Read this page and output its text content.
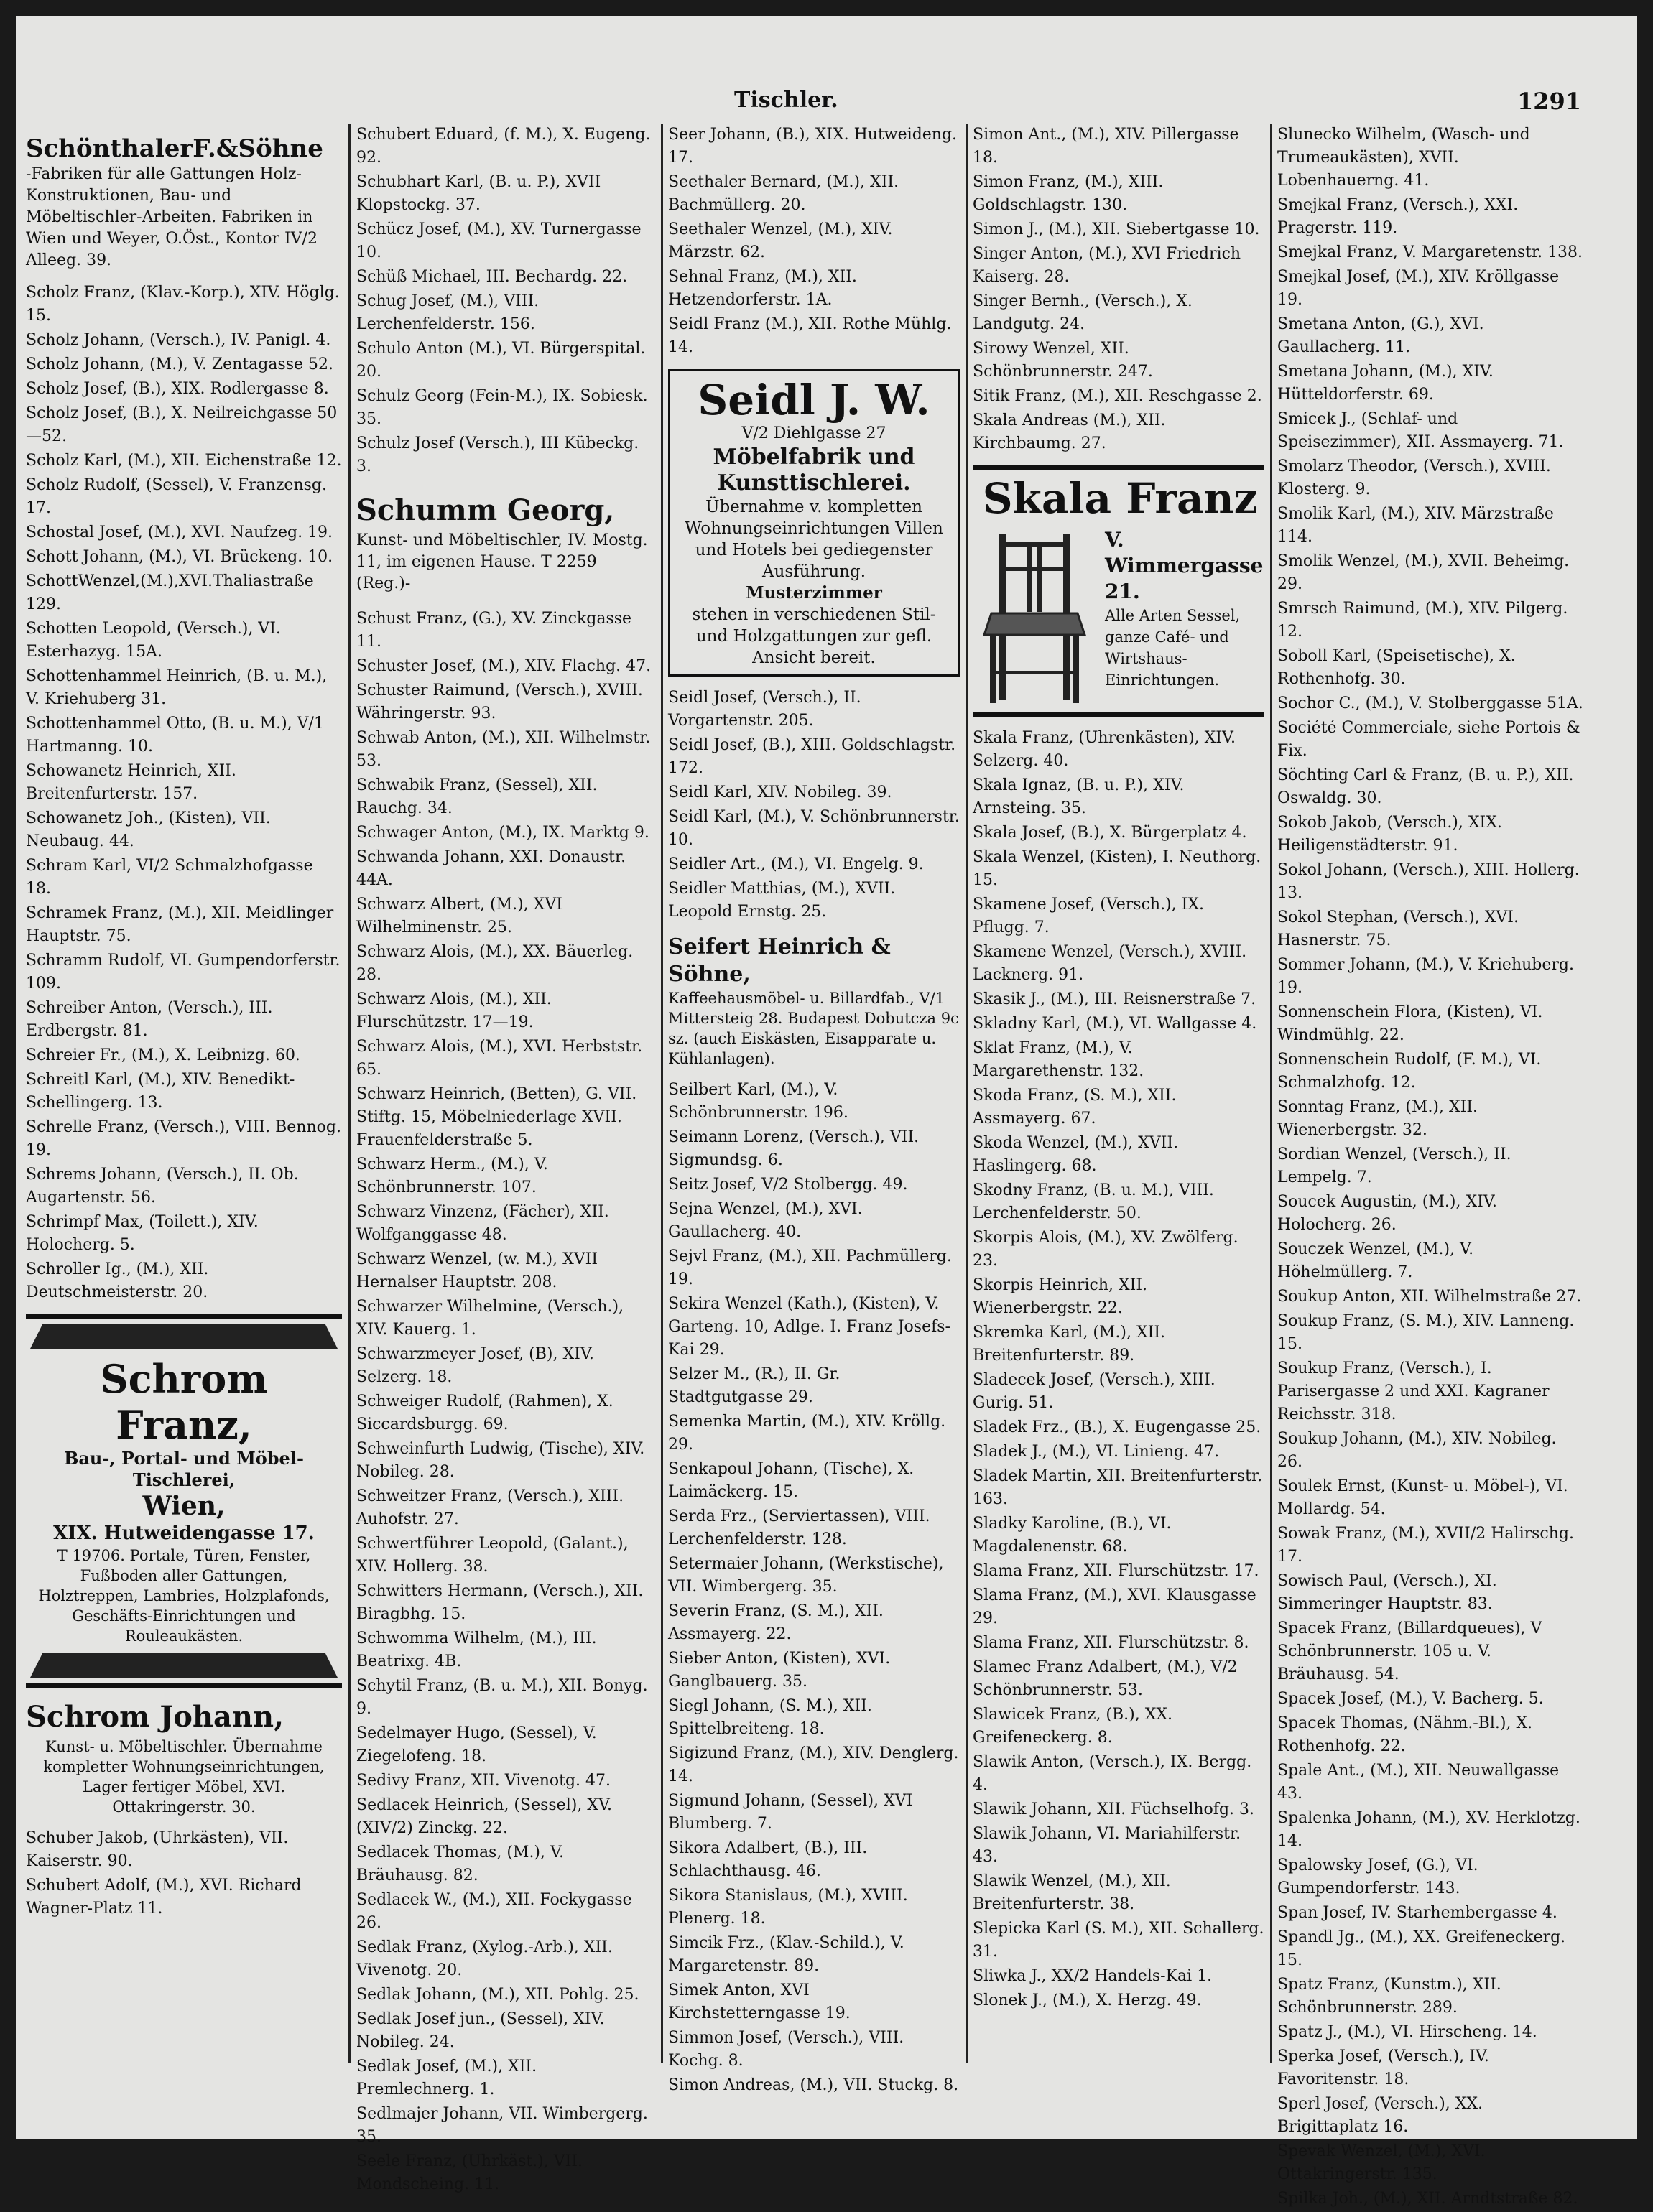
Tischler.	1291
SchönthalerF.&Söhne
-Fabriken für alle Gattungen Holz-Konstruktionen, Bau- und Möbeltischler-Arbeiten. Fabriken in Wien und Weyer, O.Öst., Kontor IV/2 Alleeg. 39.
Scholz Franz, (Klav.-Korp.), XIV. Höglg. 15.
Scholz Johann, (Versch.), IV. Panigl. 4.
Scholz Johann, (M.), V. Zentagasse 52.
Scholz Josef, (B.), XIX. Rodlergasse 8.
Scholz Josef, (B.), X. Neilreichgasse 50—52.
Scholz Karl, (M.), XII. Eichenstraße 12.
Scholz Rudolf, (Sessel), V. Franzensg. 17.
Schostal Josef, (M.), XVI. Naufzeg. 19.
Schott Johann, (M.), VI. Brückeng. 10.
SchottWenzel,(M.),XVI.Thaliastraße 129.
Schotten Leopold, (Versch.), VI. Esterhazyg. 15A.
Schottenhammel Heinrich, (B. u. M.), V. Kriehuberg 31.
Schottenhammel Otto, (B. u. M.), V/1 Hartmanng. 10.
Schowanetz Heinrich, XII. Breitenfurterstr. 157.
Schowanetz Joh., (Kisten), VII. Neubaug. 44.
Schram Karl, VI/2 Schmalzhofgasse 18.
Schramek Franz, (M.), XII. Meidlinger Hauptstr. 75.
Schramm Rudolf, VI. Gumpendorferstr. 109.
Schreiber Anton, (Versch.), III. Erdbergstr. 81.
Schreier Fr., (M.), X. Leibnizg. 60.
Schreitl Karl, (M.), XIV. Benedikt-Schellingerg. 13.
Schrelle Franz, (Versch.), VIII. Bennog. 19.
Schrems Johann, (Versch.), II. Ob. Augartenstr. 56.
Schrimpf Max, (Toilett.), XIV. Holocherg. 5.
Schroller Ig., (M.), XII. Deutschmeisterstr. 20.
Schrom Franz,
Bau-, Portal- und Möbel-Tischlerei,
Wien,
XIX. Hutweidengasse 17.
T 19706. Portale, Türen, Fenster, Fußboden aller Gattungen, Holztreppen, Lambries, Holzplafonds, Geschäfts-Einrichtungen und Rouleaukästen.
Schrom Johann,
Kunst- u. Möbeltischler. Übernahme kompletter Wohnungseinrichtungen, Lager fertiger Möbel, XVI. Ottakringerstr. 30.
Schuber Jakob, (Uhrkästen), VII. Kaiserstr. 90.
Schubert Adolf, (M.), XVI. Richard Wagner-Platz 11.
Schubert Eduard, (f. M.), X. Eugeng. 92.
Schubhart Karl, (B. u. P.), XVII Klopstockg. 37.
Schücz Josef, (M.), XV. Turnergasse 10.
Schüß Michael, III. Bechardg. 22.
Schug Josef, (M.), VIII. Lerchenfelderstr. 156.
Schulo Anton (M.), VI. Bürgerspital. 20.
Schulz Georg (Fein-M.), IX. Sobiesk. 35.
Schulz Josef (Versch.), III Kübeckg. 3.
Schumm Georg,
Kunst- und Möbeltischler, IV. Mostg. 11, im eigenen Hause. T 2259 (Reg.)-
Schust Franz, (G.), XV. Zinckgasse 11.
Schuster Josef, (M.), XIV. Flachg. 47.
Schuster Raimund, (Versch.), XVIII. Währingerstr. 93.
Schwab Anton, (M.), XII. Wilhelmstr. 53.
Schwabik Franz, (Sessel), XII. Rauchg. 34.
Schwager Anton, (M.), IX. Marktg 9.
Schwanda Johann, XXI. Donaustr. 44A.
Schwarz Albert, (M.), XVI Wilhelminenstr. 25.
Schwarz Alois, (M.), XX. Bäuerleg. 28.
Schwarz Alois, (M.), XII. Flurschützstr. 17—19.
Schwarz Alois, (M.), XVI. Herbststr. 65.
Schwarz Heinrich, (Betten), G. VII. Stiftg. 15, Möbelniederlage XVII. Frauenfelderstraße 5.
Schwarz Herm., (M.), V. Schönbrunnerstr. 107.
Schwarz Vinzenz, (Fächer), XII. Wolfganggasse 48.
Schwarz Wenzel, (w. M.), XVII Hernalser Hauptstr. 208.
Schwarzer Wilhelmine, (Versch.), XIV. Kauerg. 1.
Schwarzmeyer Josef, (B), XIV. Selzerg. 18.
Schweiger Rudolf, (Rahmen), X. Siccardsburgg. 69.
Schweinfurth Ludwig, (Tische), XIV. Nobileg. 28.
Schweitzer Franz, (Versch.), XIII. Auhofstr. 27.
Schwertführer Leopold, (Galant.), XIV. Hollerg. 38.
Schwitters Hermann, (Versch.), XII. Biragbhg. 15.
Schwomma Wilhelm, (M.), III. Beatrixg. 4B.
Schytil Franz, (B. u. M.), XII. Bonyg. 9.
Sedelmayer Hugo, (Sessel), V. Ziegelofeng. 18.
Sedivy Franz, XII. Vivenotg. 47.
Sedlacek Heinrich, (Sessel), XV. (XIV/2) Zinckg. 22.
Sedlacek Thomas, (M.), V. Bräuhausg. 82.
Sedlacek W., (M.), XII. Fockygasse 26.
Sedlak Franz, (Xylog.-Arb.), XII. Vivenotg. 20.
Sedlak Johann, (M.), XII. Pohlg. 25.
Sedlak Josef jun., (Sessel), XIV. Nobileg. 24.
Sedlak Josef, (M.), XII. Premlechnerg. 1.
Sedlmajer Johann, VII. Wimbergerg. 35.
Seele Franz, (Uhrkäst.), VII. Mondscheing. 11.
Seer Johann, (B.), XIX. Hutweideng. 17.
Seethaler Bernard, (M.), XII. Bachmüllerg. 20.
Seethaler Wenzel, (M.), XIV. Märzstr. 62.
Sehnal Franz, (M.), XII. Hetzendorferstr. 1A.
Seidl Franz (M.), XII. Rothe Mühlg. 14.
Seidl J. W.
V/2 Diehlgasse 27
Möbelfabrik und Kunsttischlerei.
Übernahme v. kompletten Wohnungseinrichtungen Villen und Hotels bei gediegenster Ausführung.
Musterzimmer
stehen in verschiedenen Stil- und Holzgattungen zur gefl. Ansicht bereit.
Seidl Josef, (Versch.), II. Vorgartenstr. 205.
Seidl Josef, (B.), XIII. Goldschlagstr. 172.
Seidl Karl, XIV. Nobileg. 39.
Seidl Karl, (M.), V. Schönbrunnerstr. 10.
Seidler Art., (M.), VI. Engelg. 9.
Seidler Matthias, (M.), XVII. Leopold Ernstg. 25.
Seifert Heinrich & Söhne,
Kaffeehausmöbel- u. Billardfab., V/1 Mittersteig 28. Budapest Dobutcza 9c sz. (auch Eiskästen, Eisapparate u. Kühlanlagen).
Seilbert Karl, (M.), V. Schönbrunnerstr. 196.
Seimann Lorenz, (Versch.), VII. Sigmundsg. 6.
Seitz Josef, V/2 Stolbergg. 49.
Sejna Wenzel, (M.), XVI. Gaullacherg. 40.
Sejvl Franz, (M.), XII. Pachmüllerg. 19.
Sekira Wenzel (Kath.), (Kisten), V. Garteng. 10, Adlge. I. Franz Josefs-Kai 29.
Selzer M., (R.), II. Gr. Stadtgutgasse 29.
Semenka Martin, (M.), XIV. Kröllg. 29.
Senkapoul Johann, (Tische), X. Laimäckerg. 15.
Serda Frz., (Serviertassen), VIII. Lerchenfelderstr. 128.
Setermaier Johann, (Werkstische), VII. Wimbergerg. 35.
Severin Franz, (S. M.), XII. Assmayerg. 22.
Sieber Anton, (Kisten), XVI. Ganglbauerg. 35.
Siegl Johann, (S. M.), XII. Spittelbreiteng. 18.
Sigizund Franz, (M.), XIV. Denglerg. 14.
Sigmund Johann, (Sessel), XVI Blumberg. 7.
Sikora Adalbert, (B.), III. Schlachthausg. 46.
Sikora Stanislaus, (M.), XVIII. Plenerg. 18.
Simcik Frz., (Klav.-Schild.), V. Margaretenstr. 89.
Simek Anton, XVI Kirchstetterngasse 19.
Simmon Josef, (Versch.), VIII. Kochg. 8.
Simon Andreas, (M.), VII. Stuckg. 8.
Simon Ant., (M.), XIV. Pillergasse 18.
Simon Franz, (M.), XIII. Goldschlagstr. 130.
Simon J., (M.), XII. Siebertgasse 10.
Singer Anton, (M.), XVI Friedrich Kaiserg. 28.
Singer Bernh., (Versch.), X. Landgutg. 24.
Sirowy Wenzel, XII. Schönbrunnerstr. 247.
Sitik Franz, (M.), XII. Reschgasse 2.
Skala Andreas (M.), XII. Kirchbaumg. 27.
Skala Franz
V. Wimmergasse 21.
Alle Arten Sessel, ganze Café- und Wirtshaus-Einrichtungen.
Skala Franz, (Uhrenkästen), XIV. Selzerg. 40.
Skala Ignaz, (B. u. P.), XIV. Arnsteing. 35.
Skala Josef, (B.), X. Bürgerplatz 4.
Skala Wenzel, (Kisten), I. Neuthorg. 15.
Skamene Josef, (Versch.), IX. Pflugg. 7.
Skamene Wenzel, (Versch.), XVIII. Lacknerg. 91.
Skasik J., (M.), III. Reisnerstraße 7.
Skladny Karl, (M.), VI. Wallgasse 4.
Sklat Franz, (M.), V. Margarethenstr. 132.
Skoda Franz, (S. M.), XII. Assmayerg. 67.
Skoda Wenzel, (M.), XVII. Haslingerg. 68.
Skodny Franz, (B. u. M.), VIII. Lerchenfelderstr. 50.
Skorpis Alois, (M.), XV. Zwölferg. 23.
Skorpis Heinrich, XII. Wienerbergstr. 22.
Skremka Karl, (M.), XII. Breitenfurterstr. 89.
Sladecek Josef, (Versch.), XIII. Gurig. 51.
Sladek Frz., (B.), X. Eugengasse 25.
Sladek J., (M.), VI. Linieng. 47.
Sladek Martin, XII. Breitenfurterstr. 163.
Sladky Karoline, (B.), VI. Magdalenenstr. 68.
Slama Franz, XII. Flurschützstr. 17.
Slama Franz, (M.), XVI. Klausgasse 29.
Slama Franz, XII. Flurschützstr. 8.
Slamec Franz Adalbert, (M.), V/2 Schönbrunnerstr. 53.
Slawicek Franz, (B.), XX. Greifeneckerg. 8.
Slawik Anton, (Versch.), IX. Bergg. 4.
Slawik Johann, XII. Füchselhofg. 3.
Slawik Johann, VI. Mariahilferstr. 43.
Slawik Wenzel, (M.), XII. Breitenfurterstr. 38.
Slepicka Karl (S. M.), XII. Schallerg. 31.
Sliwka J., XX/2 Handels-Kai 1.
Slonek J., (M.), X. Herzg. 49.
Slunecko Wilhelm, (Wasch- und Trumeaukästen), XVII. Lobenhauerng. 41.
Smejkal Franz, (Versch.), XXI. Pragerstr. 119.
Smejkal Franz, V. Margaretenstr. 138.
Smejkal Josef, (M.), XIV. Kröllgasse 19.
Smetana Anton, (G.), XVI. Gaullacherg. 11.
Smetana Johann, (M.), XIV. Hütteldorferstr. 69.
Smicek J., (Schlaf- und Speisezimmer), XII. Assmayerg. 71.
Smolarz Theodor, (Versch.), XVIII. Klosterg. 9.
Smolik Karl, (M.), XIV. Märzstraße 114.
Smolik Wenzel, (M.), XVII. Beheimg. 29.
Smrsch Raimund, (M.), XIV. Pilgerg. 12.
Soboll Karl, (Speisetische), X. Rothenhofg. 30.
Sochor C., (M.), V. Stolberggasse 51A.
Société Commerciale, siehe Portois & Fix.
Söchting Carl & Franz, (B. u. P.), XII. Oswaldg. 30.
Sokob Jakob, (Versch.), XIX. Heiligenstädterstr. 91.
Sokol Johann, (Versch.), XIII. Hollerg. 13.
Sokol Stephan, (Versch.), XVI. Hasnerstr. 75.
Sommer Johann, (M.), V. Kriehuberg. 19.
Sonnenschein Flora, (Kisten), VI. Windmühlg. 22.
Sonnenschein Rudolf, (F. M.), VI. Schmalzhofg. 12.
Sonntag Franz, (M.), XII. Wienerbergstr. 32.
Sordian Wenzel, (Versch.), II. Lempelg. 7.
Soucek Augustin, (M.), XIV. Holocherg. 26.
Souczek Wenzel, (M.), V. Höhelmüllerg. 7.
Soukup Anton, XII. Wilhelmstraße 27.
Soukup Franz, (S. M.), XIV. Lanneng. 15.
Soukup Franz, (Versch.), I. Parisergasse 2 und XXI. Kagraner Reichsstr. 318.
Soukup Johann, (M.), XIV. Nobileg. 26.
Soulek Ernst, (Kunst- u. Möbel-), VI. Mollardg. 54.
Sowak Franz, (M.), XVII/2 Halirschg. 17.
Sowisch Paul, (Versch.), XI. Simmeringer Hauptstr. 83.
Spacek Franz, (Billardqueues), V Schönbrunnerstr. 105 u. V. Bräuhausg. 54.
Spacek Josef, (M.), V. Bacherg. 5.
Spacek Thomas, (Nähm.-Bl.), X. Rothenhofg. 22.
Spale Ant., (M.), XII. Neuwallgasse 43.
Spalenka Johann, (M.), XV. Herklotzg. 14.
Spalowsky Josef, (G.), VI. Gumpendorferstr. 143.
Span Josef, IV. Starhembergasse 4.
Spandl Jg., (M.), XX. Greifeneckerg. 15.
Spatz Franz, (Kunstm.), XII. Schönbrunnerstr. 289.
Spatz J., (M.), VI. Hirscheng. 14.
Sperka Josef, (Versch.), IV. Favoritenstr. 18.
Sperl Josef, (Versch.), XX. Brigittaplatz 16.
Spevak Wenzel, (M.), XVI. Ottakringerstr. 135.
Spilka Joh., (M.), XII. Arndtstraße 82.
